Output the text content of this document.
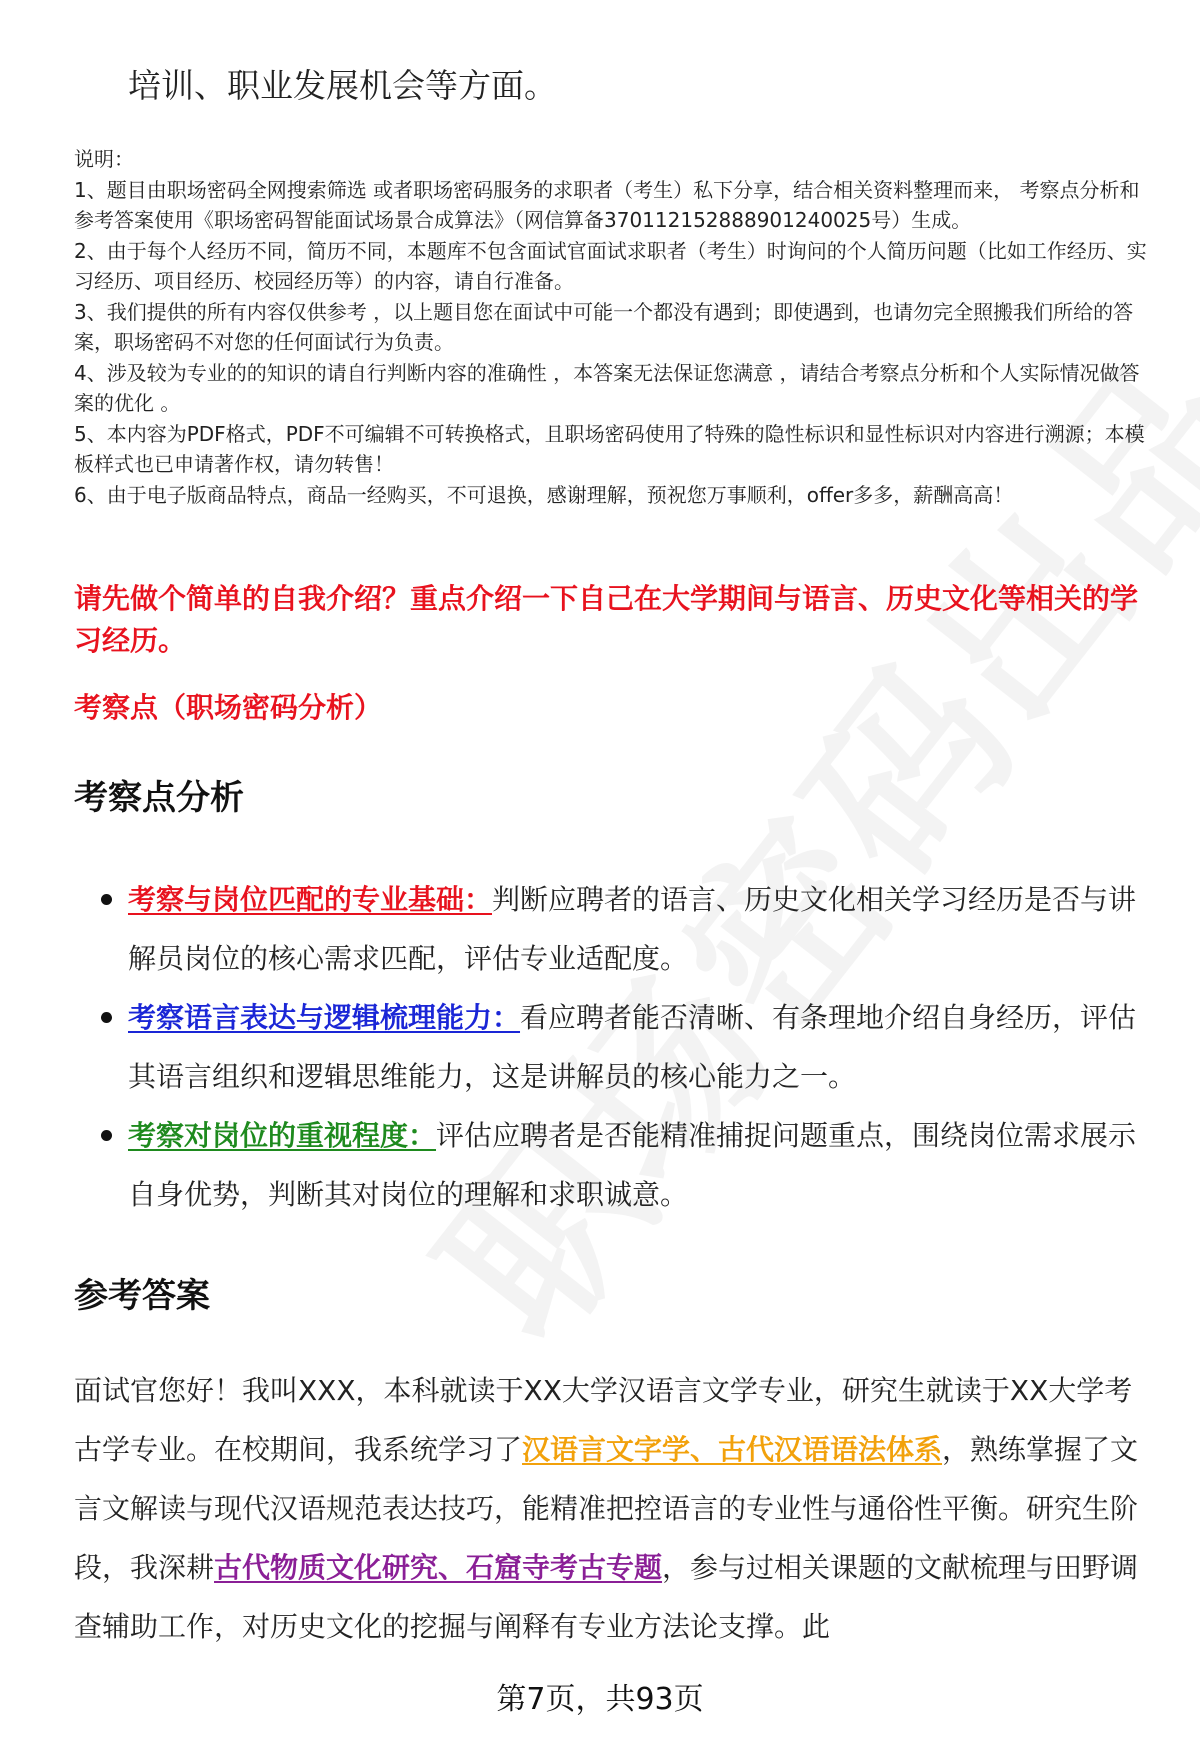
培训、职业发展机会等方面。

说明：

1、题目由职场密码全网搜索筛选 或者职场密码服务的求职者（考生）私下分享，结合相关资料整理而来， 考察点分析和参考答案使用《职场密码智能面试场景合成算法》（网信算备370112152888901240025号）生成。

2、由于每个人经历不同，简历不同，本题库不包含面试官面试求职者（考生）时询问的个人简历问题（比如工作经历、实习经历、项目经历、校园经历等）的内容，请自行准备。

3、我们提供的所有内容仅供参考 ，以上题目您在面试中可能一个都没有遇到；即使遇到，也请勿完全照搬我们所给的答案，职场密码不对您的任何面试行为负责。

4、涉及较为专业的的知识的请自行判断内容的准确性 ，本答案无法保证您满意 ，请结合考察点分析和个人实际情况做答案的优化 。

5、本内容为PDF格式，PDF不可编辑不可转换格式，且职场密码使用了特殊的隐性标识和显性标识对内容进行溯源；本模板样式也已申请著作权，请勿转售！

6、由于电子版商品特点，商品一经购买，不可退换，感谢理解，预祝您万事顺利，offer多多，薪酬高高！

请先做个简单的自我介绍？重点介绍一下自己在大学期间与语言、历史文化等相关的学习经历。
考察点（职场密码分析）
考察点分析
考察与岗位匹配的专业基础：判断应聘者的语言、历史文化相关学习经历是否与讲解员岗位的核心需求匹配，评估专业适配度。
考察语言表达与逻辑梳理能力：看应聘者能否清晰、有条理地介绍自身经历，评估其语言组织和逻辑思维能力，这是讲解员的核心能力之一。
考察对岗位的重视程度：评估应聘者是否能精准捕捉问题重点，围绕岗位需求展示自身优势，判断其对岗位的理解和求职诚意。
参考答案

面试官您好！我叫XXX，本科就读于XX大学汉语言文学专业，研究生就读于XX大学考古学专业。在校期间，我系统学习了汉语言文字学、古代汉语语法体系，熟练掌握了文言文解读与现代汉语规范表达技巧，能精准把控语言的专业性与通俗性平衡。研究生阶段，我深耕古代物质文化研究、石窟寺考古专题，参与过相关课题的文献梳理与田野调查辅助工作，对历史文化的挖掘与阐释有专业方法论支撑。此

第7页，共93页
